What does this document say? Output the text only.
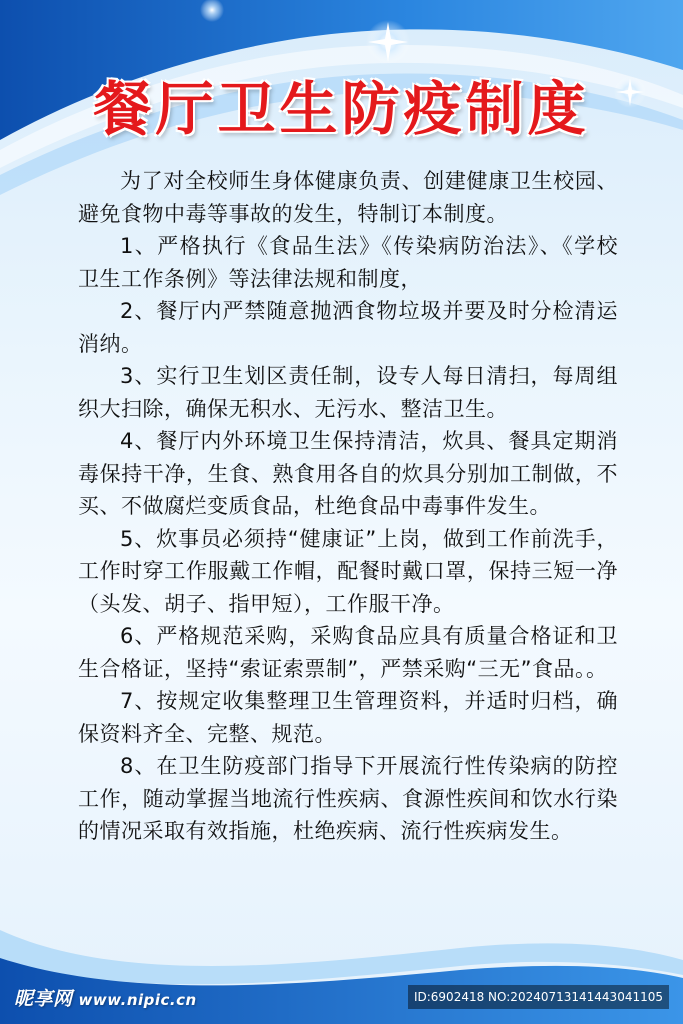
餐厅卫生防疫制度

为了对全校师生身体健康负责、创建健康卫生校园、避免食物中毒等事故的发生，特制订本制度。

1、严格执行《食品生法》《传染病防治法》、《学校卫生工作条例》等法律法规和制度，

2、餐厅内严禁随意抛洒食物垃圾并要及时分检清运消纳。

3、实行卫生划区责任制，设专人每日清扫，每周组织大扫除，确保无积水、无污水、整洁卫生。

4、餐厅内外环境卫生保持清洁，炊具、餐具定期消毒保持干净，生食、熟食用各自的炊具分别加工制做，不买、不做腐烂变质食品，杜绝食品中毒事件发生。

5、炊事员必须持“健康证”上岗，做到工作前洗手，工作时穿工作服戴工作帽，配餐时戴口罩，保持三短一净（头发、胡子、指甲短），工作服干净。

6、严格规范采购，采购食品应具有质量合格证和卫生合格证，坚持“索证索票制”，严禁采购“三无”食品。。

7、按规定收集整理卫生管理资料，并适时归档，确保资料齐全、完整、规范。

8、在卫生防疫部门指导下开展流行性传染病的防控工作，随动掌握当地流行性疾病、食源性疾间和饮水行染的情况采取有效指施，杜绝疾病、流行性疾病发生。

昵享网 www.nipic.cn	ID:6902418 NO:20240713141443041105
